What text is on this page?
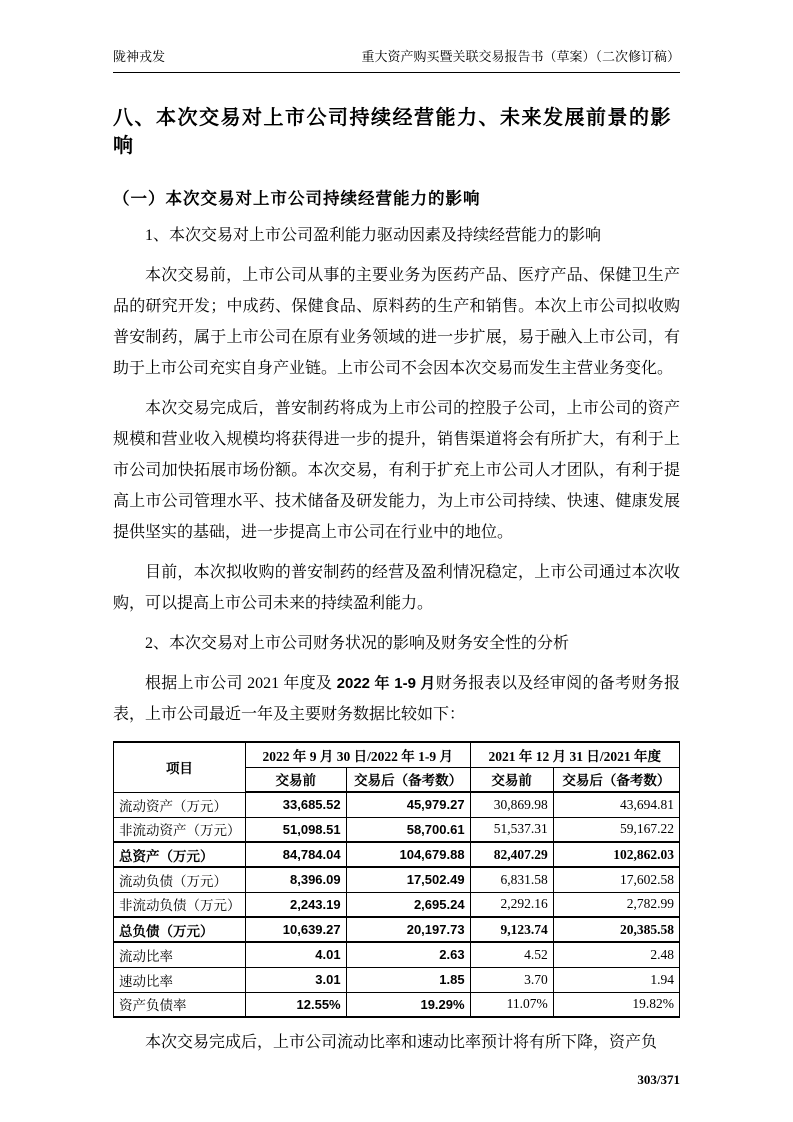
陇神戎发	重大资产购买暨关联交易报告书（草案）（二次修订稿）
八、本次交易对上市公司持续经营能力、未来发展前景的影响
（一）本次交易对上市公司持续经营能力的影响

1、本次交易对上市公司盈利能力驱动因素及持续经营能力的影响

本次交易前，上市公司从事的主要业务为医药产品、医疗产品、保健卫生产品的研究开发；中成药、保健食品、原料药的生产和销售。本次上市公司拟收购普安制药，属于上市公司在原有业务领域的进一步扩展，易于融入上市公司，有助于上市公司充实自身产业链。上市公司不会因本次交易而发生主营业务变化。

本次交易完成后，普安制药将成为上市公司的控股子公司，上市公司的资产规模和营业收入规模均将获得进一步的提升，销售渠道将会有所扩大，有利于上市公司加快拓展市场份额。本次交易，有利于扩充上市公司人才团队，有利于提高上市公司管理水平、技术储备及研发能力，为上市公司持续、快速、健康发展提供坚实的基础，进一步提高上市公司在行业中的地位。

目前，本次拟收购的普安制药的经营及盈利情况稳定，上市公司通过本次收购，可以提高上市公司未来的持续盈利能力。

2、本次交易对上市公司财务状况的影响及财务安全性的分析

根据上市公司 2021 年度及 2022 年 1-9 月财务报表以及经审阅的备考财务报表，上市公司最近一年及主要财务数据比较如下：

项目	2022 年 9 月 30 日/2022 年 1-9 月		2021 年 12 月 31 日/2021 年度	
	交易前	交易后（备考数）	交易前	交易后（备考数）
流动资产（万元）	33,685.52	45,979.27	30,869.98	43,694.81
非流动资产（万元）	51,098.51	58,700.61	51,537.31	59,167.22
总资产（万元）	84,784.04	104,679.88	82,407.29	102,862.03
流动负债（万元）	8,396.09	17,502.49	6,831.58	17,602.58
非流动负债（万元）	2,243.19	2,695.24	2,292.16	2,782.99
总负债（万元）	10,639.27	20,197.73	9,123.74	20,385.58
流动比率	4.01	2.63	4.52	2.48
速动比率	3.01	1.85	3.70	1.94
资产负债率	12.55%	19.29%	11.07%	19.82%

本次交易完成后，上市公司流动比率和速动比率预计将有所下降，资产负

303/371
